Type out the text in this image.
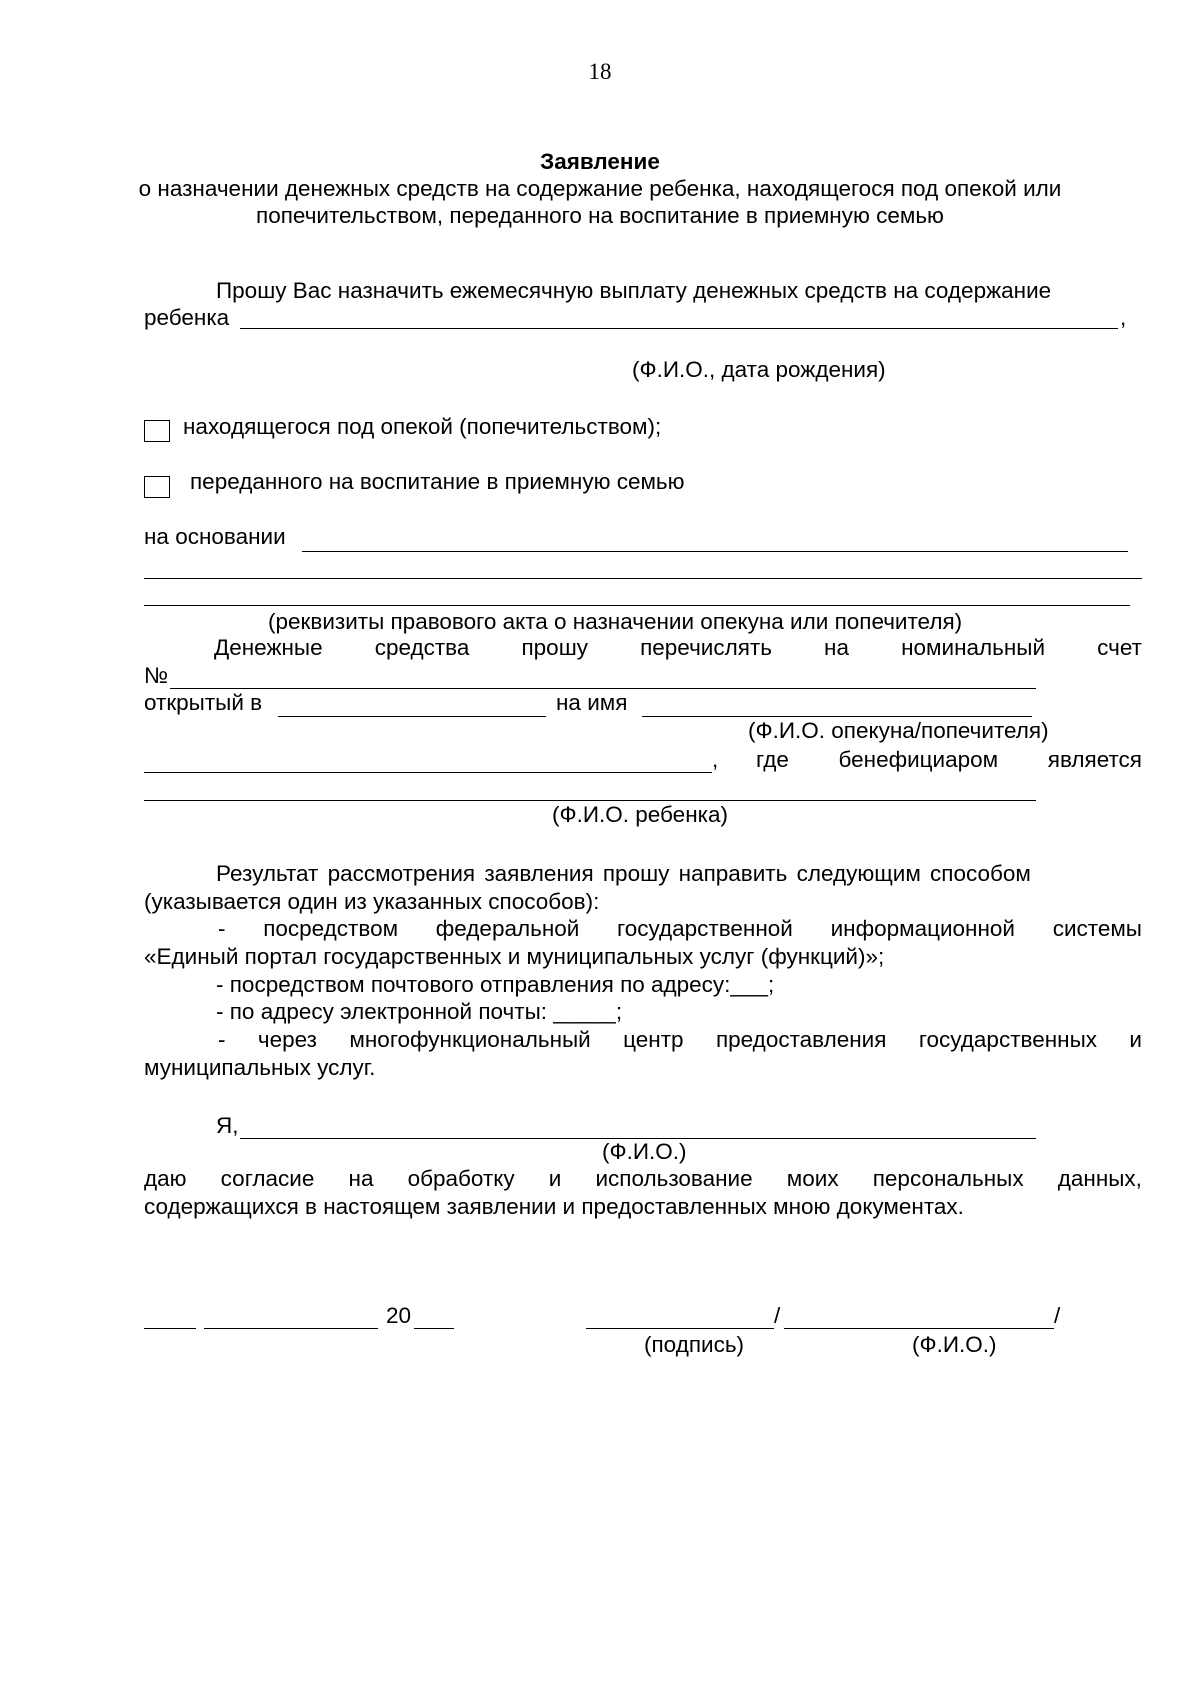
18
Заявление
о назначении денежных средств на содержание ребенка, находящегося под опекой или
попечительством, переданного на воспитание в приемную семью
Прошу Вас назначить ежемесячную выплату денежных средств на содержание
ребенка	,
(Ф.И.О., дата рождения)
находящегося под опекой (попечительством);
переданного на воспитание в приемную семью
на основании
(реквизиты правового акта о назначении опекуна или попечителя)
Денежные средства прошу перечислять на номинальный счет
№
открытый в	на имя
(Ф.И.О. опекуна/попечителя)
, где бенефициаром является
(Ф.И.О. ребенка)
Результат рассмотрения заявления прошу направить следующим способом
(указывается один из указанных способов):
- посредством федеральной государственной информационной системы
«Единый портал государственных и муниципальных услуг (функций)»;
- посредством почтового отправления по адресу:___;
- по адресу электронной почты: _____;
- через многофункциональный центр предоставления государственных и
муниципальных услуг.
Я,
(Ф.И.О.)
даю согласие на обработку и использование моих персональных данных,
содержащихся в настоящем заявлении и предоставленных мною документах.
20	/	/
(подпись)	(Ф.И.О.)
